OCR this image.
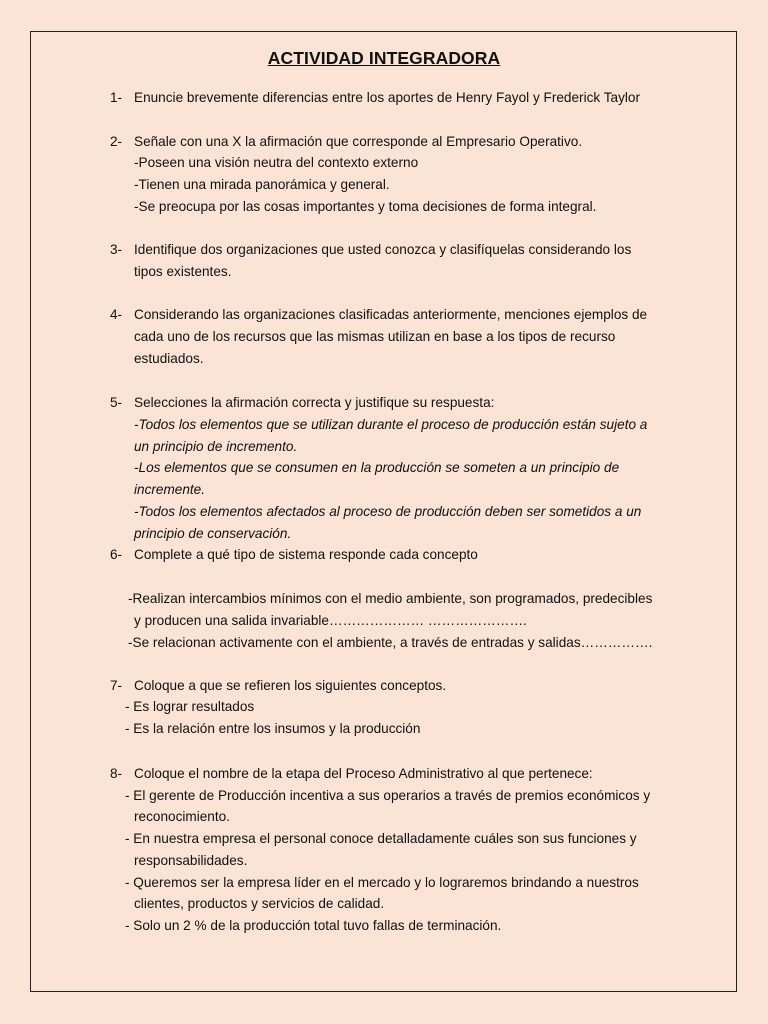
ACTIVIDAD INTEGRADORA
1- Enuncie brevemente diferencias entre los aportes de Henry Fayol y Frederick Taylor
2- Señale con una X la afirmación que corresponde al Empresario Operativo.
-Poseen una visión neutra del contexto externo
-Tienen una mirada panorámica y general.
-Se preocupa por las cosas importantes y toma decisiones de forma integral.
3- Identifique dos organizaciones que usted conozca y clasifíquelas considerando los
tipos existentes.
4- Considerando las organizaciones clasificadas anteriormente, menciones ejemplos de
cada uno de los recursos que las mismas utilizan en base a los tipos de recurso
estudiados.
5- Selecciones la afirmación correcta y justifique su respuesta:
-Todos los elementos que se utilizan durante el proceso de producción están sujeto a
un principio de incremento.
-Los elementos que se consumen en la producción se someten a un principio de
incremente.
-Todos los elementos afectados al proceso de producción deben ser sometidos a un
principio de conservación.
6- Complete a qué tipo de sistema responde cada concepto
-Realizan intercambios mínimos con el medio ambiente, son programados, predecibles
y producen una salida invariable………………… ………………….
-Se relacionan activamente con el ambiente, a través de entradas y salidas…………….
7- Coloque a que se refieren los siguientes conceptos.
- Es lograr resultados
- Es la relación entre los insumos y la producción
8- Coloque el nombre de la etapa del Proceso Administrativo al que pertenece:
- El gerente de Producción incentiva a sus operarios a través de premios económicos y
reconocimiento.
- En nuestra empresa el personal conoce detalladamente cuáles son sus funciones y
responsabilidades.
- Queremos ser la empresa líder en el mercado y lo lograremos brindando a nuestros
clientes, productos y servicios de calidad.
- Solo un 2 % de la producción total tuvo fallas de terminación.
